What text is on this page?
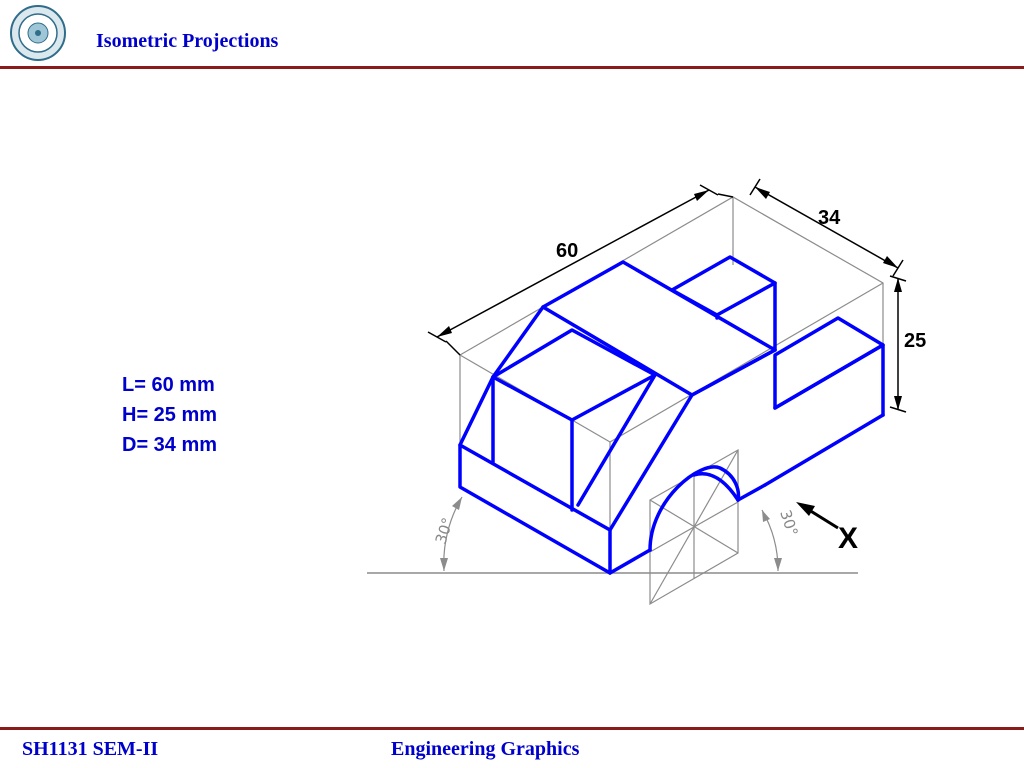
Isometric Projections
L= 60 mm
H= 25 mm
D= 34 mm
60
34
25
30°	30° X
SH1131 SEM-II	Engineering Graphics
